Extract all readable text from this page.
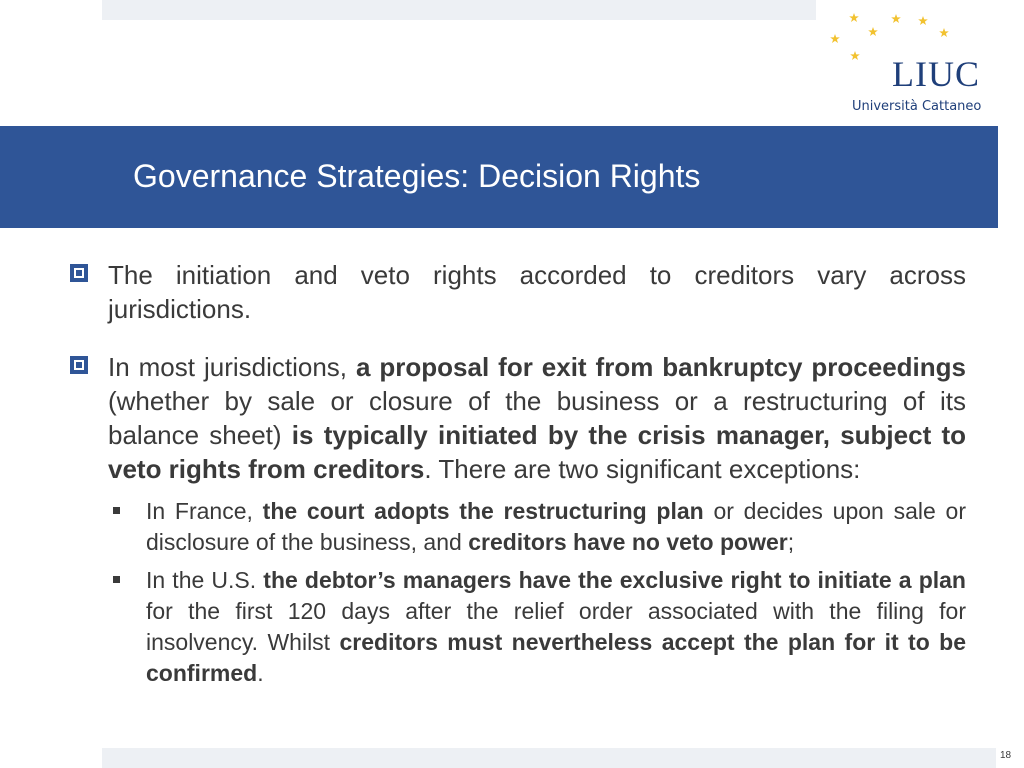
LIUC
Università Cattaneo
Governance Strategies: Decision Rights
The initiation and veto rights accorded to creditors vary across jurisdictions.
In most jurisdictions, a proposal for exit from bankruptcy proceedings (whether by sale or closure of the business or a restructuring of its balance sheet) is typically initiated by the crisis manager, subject to veto rights from creditors. There are two significant exceptions:
In France, the court adopts the restructuring plan or decides upon sale or disclosure of the business, and creditors have no veto power;
In the U.S. the debtor’s managers have the exclusive right to initiate a plan for the first 120 days after the relief order associated with the filing for insolvency. Whilst creditors must nevertheless accept the plan for it to be confirmed.
18
